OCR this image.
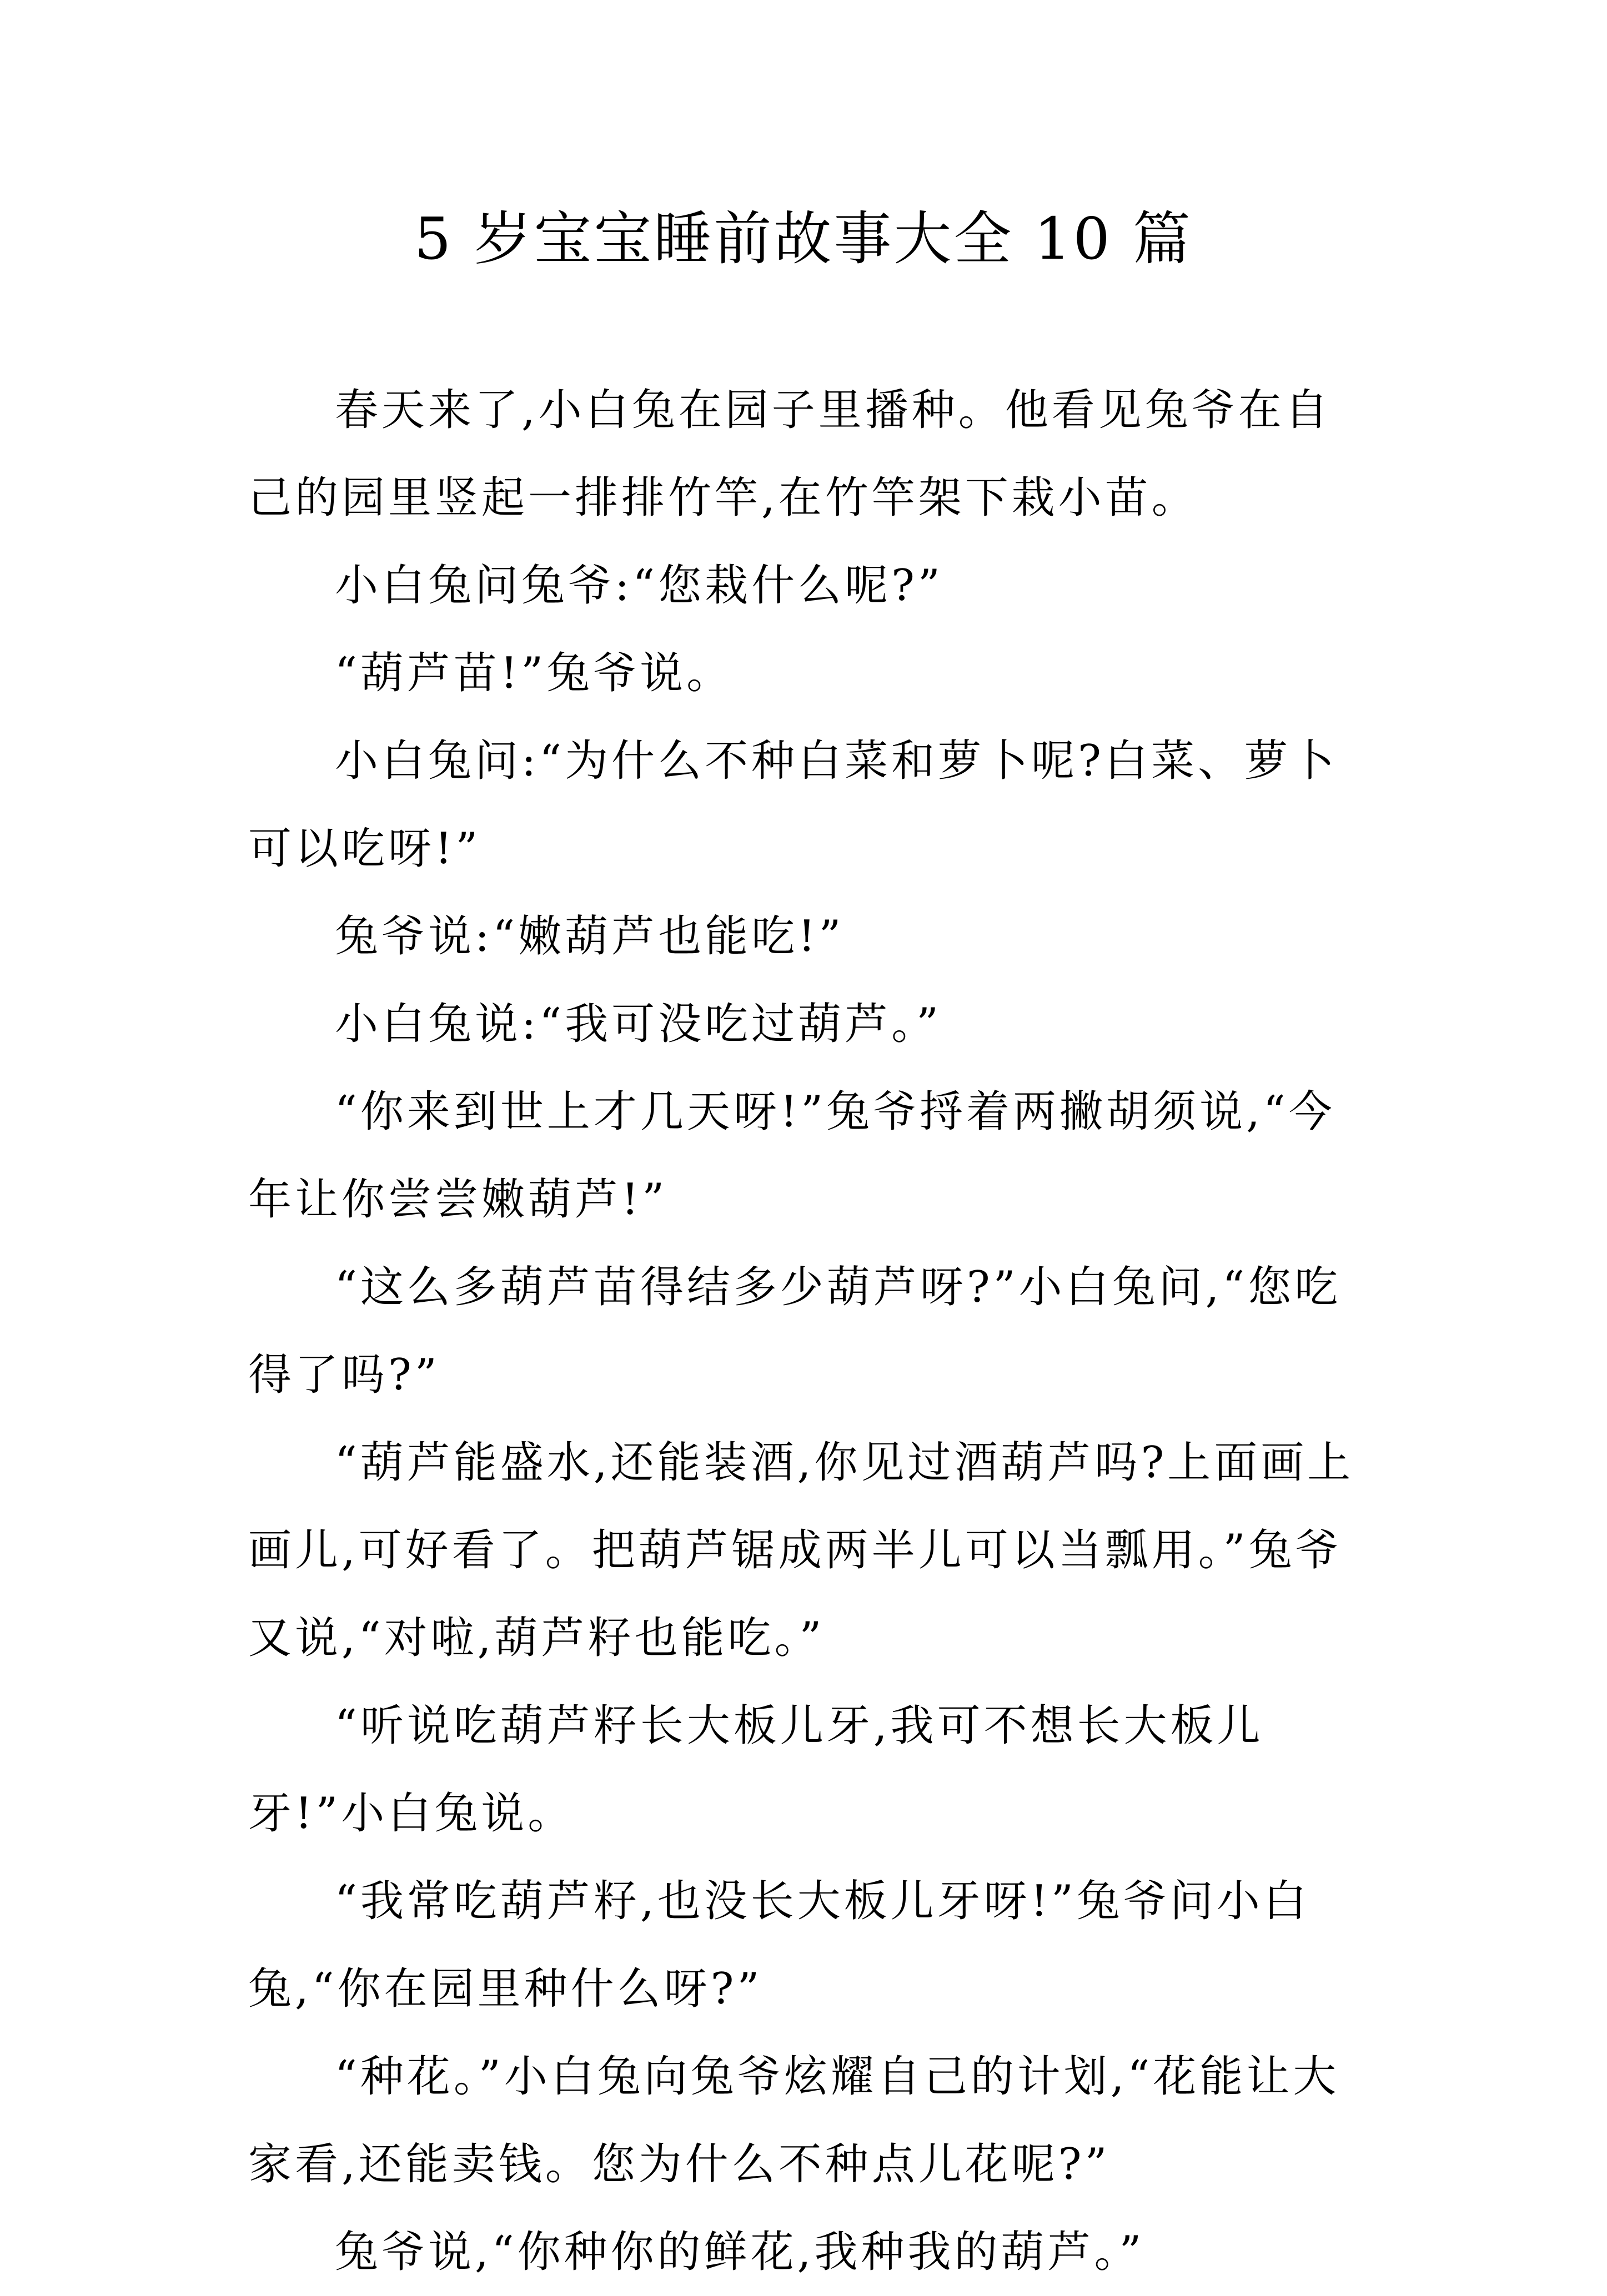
5 岁宝宝睡前故事大全 10 篇

春天来了,小白兔在园子里播种。他看见兔爷在自己的园里竖起一排排竹竿,在竹竿架下栽小苗。

小白兔问兔爷:“您栽什么呢?”

“葫芦苗!”兔爷说。

小白兔问:“为什么不种白菜和萝卜呢?白菜、萝卜可以吃呀!”

兔爷说:“嫩葫芦也能吃!”

小白兔说:“我可没吃过葫芦。”

“你来到世上才几天呀!”兔爷捋着两撇胡须说,“今年让你尝尝嫩葫芦!”

“这么多葫芦苗得结多少葫芦呀?”小白兔问,“您吃得了吗?”

“葫芦能盛水,还能装酒,你见过酒葫芦吗?上面画上画儿,可好看了。把葫芦锯成两半儿可以当瓢用。”兔爷又说,“对啦,葫芦籽也能吃。”

“听说吃葫芦籽长大板儿牙,我可不想长大板儿牙!”小白兔说。

“我常吃葫芦籽,也没长大板儿牙呀!”兔爷问小白兔,“你在园里种什么呀?”

“种花。”小白兔向兔爷炫耀自己的计划,“花能让大家看,还能卖钱。您为什么不种点儿花呢?”

兔爷说,“你种你的鲜花,我种我的葫芦。”
